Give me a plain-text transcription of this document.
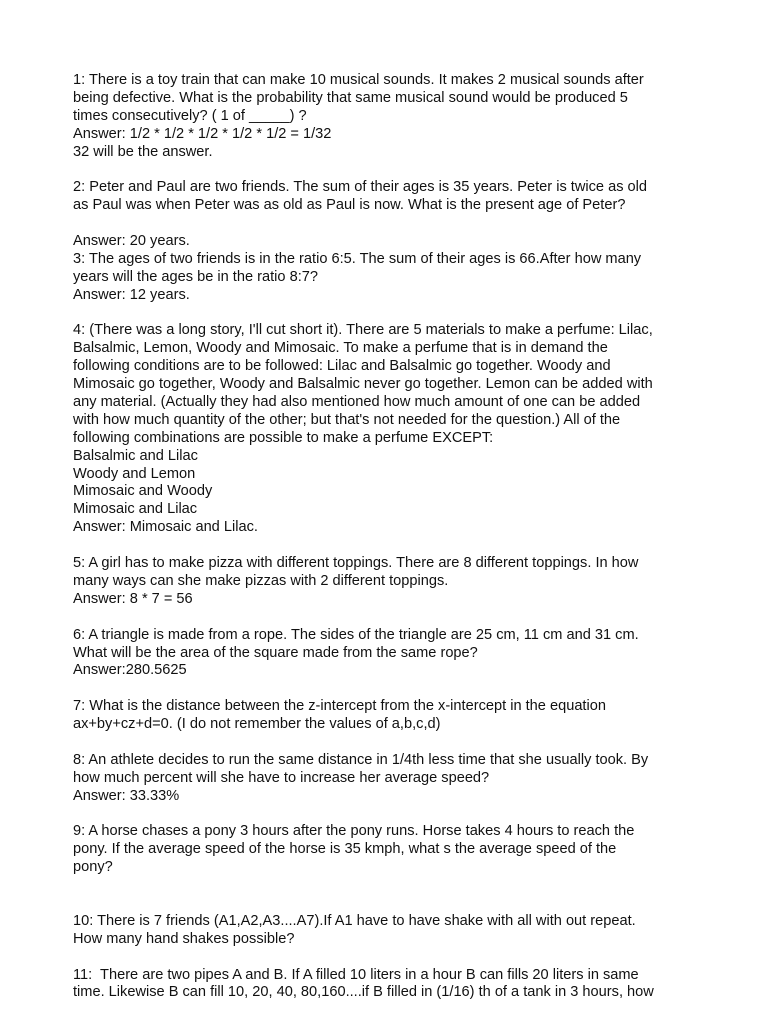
1: There is a toy train that can make 10 musical sounds. It makes 2 musical sounds after
being defective. What is the probability that same musical sound would be produced 5
times consecutively? ( 1 of _____) ?
Answer: 1/2 * 1/2 * 1/2 * 1/2 * 1/2 = 1/32
32 will be the answer.
2: Peter and Paul are two friends. The sum of their ages is 35 years. Peter is twice as old
as Paul was when Peter was as old as Paul is now. What is the present age of Peter?
Answer: 20 years.
3: The ages of two friends is in the ratio 6:5. The sum of their ages is 66.After how many
years will the ages be in the ratio 8:7?
Answer: 12 years.
4: (There was a long story, I'll cut short it). There are 5 materials to make a perfume: Lilac,
Balsalmic, Lemon, Woody and Mimosaic. To make a perfume that is in demand the
following conditions are to be followed: Lilac and Balsalmic go together. Woody and
Mimosaic go together, Woody and Balsalmic never go together. Lemon can be added with
any material. (Actually they had also mentioned how much amount of one can be added
with how much quantity of the other; but that's not needed for the question.) All of the
following combinations are possible to make a perfume EXCEPT:
Balsalmic and Lilac
Woody and Lemon
Mimosaic and Woody
Mimosaic and Lilac
Answer: Mimosaic and Lilac.
5: A girl has to make pizza with different toppings. There are 8 different toppings. In how
many ways can she make pizzas with 2 different toppings.
Answer: 8 * 7 = 56
6: A triangle is made from a rope. The sides of the triangle are 25 cm, 11 cm and 31 cm.
What will be the area of the square made from the same rope?
Answer:280.5625
7: What is the distance between the z-intercept from the x-intercept in the equation
ax+by+cz+d=0. (I do not remember the values of a,b,c,d)
8: An athlete decides to run the same distance in 1/4th less time that she usually took. By
how much percent will she have to increase her average speed?
Answer: 33.33%
9: A horse chases a pony 3 hours after the pony runs. Horse takes 4 hours to reach the
pony. If the average speed of the horse is 35 kmph, what s the average speed of the
pony?
10: There is 7 friends (A1,A2,A3....A7).If A1 have to have shake with all with out repeat.
How many hand shakes possible?
11:  There are two pipes A and B. If A filled 10 liters in a hour B can fills 20 liters in same
time. Likewise B can fill 10, 20, 40, 80,160....if B filled in (1/16) th of a tank in 3 hours, how
